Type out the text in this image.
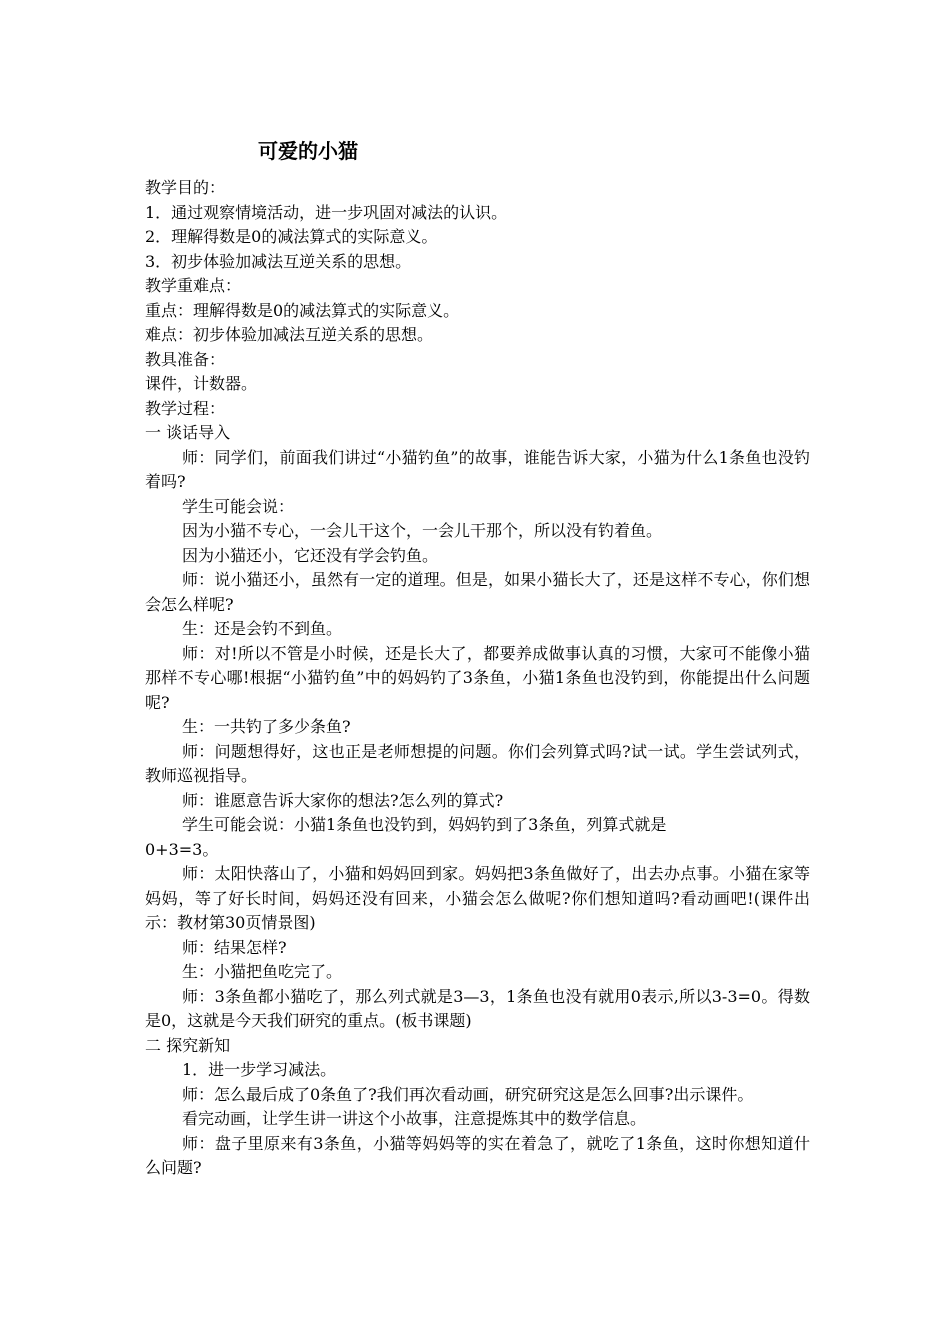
可爱的小猫

教学目的：

1．通过观察情境活动，进一步巩固对减法的认识。

2．理解得数是0的减法算式的实际意义。

3．初步体验加减法互逆关系的思想。

教学重难点：

重点：理解得数是0的减法算式的实际意义。

难点：初步体验加减法互逆关系的思想。

教具准备：

课件，计数器。

教学过程：

一 谈话导入

师：同学们，前面我们讲过“小猫钓鱼”的故事，谁能告诉大家，小猫为什么1条鱼也没钓着吗?

学生可能会说：

因为小猫不专心，一会儿干这个，一会儿干那个，所以没有钓着鱼。

因为小猫还小，它还没有学会钓鱼。

师：说小猫还小，虽然有一定的道理。但是，如果小猫长大了，还是这样不专心，你们想会怎么样呢?

生：还是会钓不到鱼。

师：对!所以不管是小时候，还是长大了，都要养成做事认真的习惯，大家可不能像小猫那样不专心哪!根据“小猫钓鱼”中的妈妈钓了3条鱼，小猫1条鱼也没钓到，你能提出什么问题呢?

生：一共钓了多少条鱼?

师：问题想得好，这也正是老师想提的问题。你们会列算式吗?试一试。学生尝试列式，教师巡视指导。

师：谁愿意告诉大家你的想法?怎么列的算式?

学生可能会说：小猫1条鱼也没钓到，妈妈钓到了3条鱼，列算式就是

0+3=3。

师：太阳快落山了，小猫和妈妈回到家。妈妈把3条鱼做好了，出去办点事。小猫在家等妈妈，等了好长时间，妈妈还没有回来，小猫会怎么做呢?你们想知道吗?看动画吧!(课件出示：教材第30页情景图)

师：结果怎样?

生：小猫把鱼吃完了。

师：3条鱼都小猫吃了，那么列式就是3—3，1条鱼也没有就用0表示,所以3-3=0。得数是0，这就是今天我们研究的重点。(板书课题)

二 探究新知

1．进一步学习减法。

师：怎么最后成了0条鱼了?我们再次看动画，研究研究这是怎么回事?出示课件。

看完动画，让学生讲一讲这个小故事，注意提炼其中的数学信息。

师：盘子里原来有3条鱼，小猫等妈妈等的实在着急了，就吃了1条鱼，这时你想知道什么问题?
